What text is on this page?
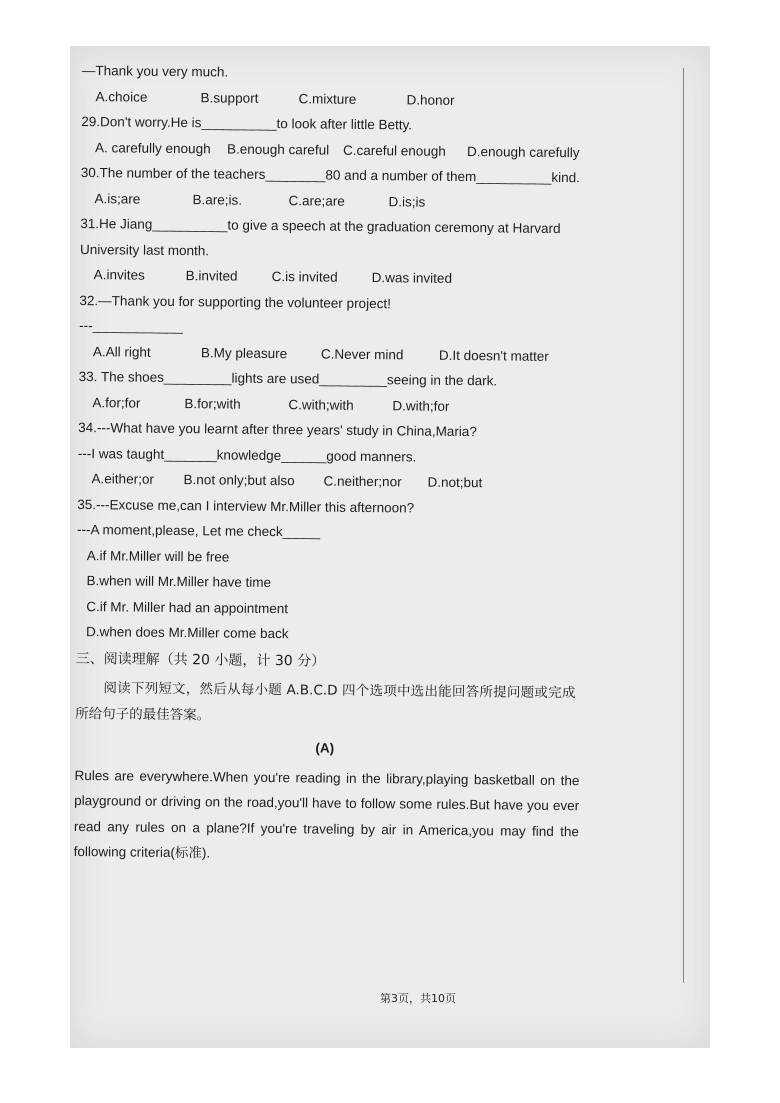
—Thank you very much.
A.choice	B.support	C.mixture	D.honor
29.Don't worry.He is__________to look after little Betty.
A. carefully enough	B.enough careful	C.careful enough	D.enough carefully
30.The number of the teachers________80 and a number of them__________kind.
A.is;are	B.are;is.	C.are;are	D.is;is
31.He Jiang__________to give a speech at the graduation ceremony at Harvard
University last month.
A.invites	B.invited	C.is invited	D.was invited
32.—Thank you for supporting the volunteer project!
---____________
A.All right	B.My pleasure	C.Never mind	D.It doesn't matter
33. The shoes_________lights are used_________seeing in the dark.
A.for;for	B.for;with	C.with;with	D.with;for
34.---What have you learnt after three years' study in China,Maria?
---I was taught_______knowledge______good manners.
A.either;or	B.not only;but also	C.neither;nor	D.not;but
35.---Excuse me,can I interview Mr.Miller this afternoon?
---A moment,please, Let me check_____
A.if Mr.Miller will be free
B.when will Mr.Miller have time
C.if Mr. Miller had an appointment
D.when does Mr.Miller come back
三、阅读理解（共 20 小题，计 30 分）
阅读下列短文，然后从每小题 A.B.C.D 四个选项中选出能回答所提问题或完成所给句子的最佳答案。
(A)
Rules are everywhere.When you're reading in the library,playing basketball on the playground or driving on the road,you'll have to follow some rules.But have you ever read any rules on a plane?If you're traveling by air in America,you may find the following criteria(标准).
第3页，共10页
